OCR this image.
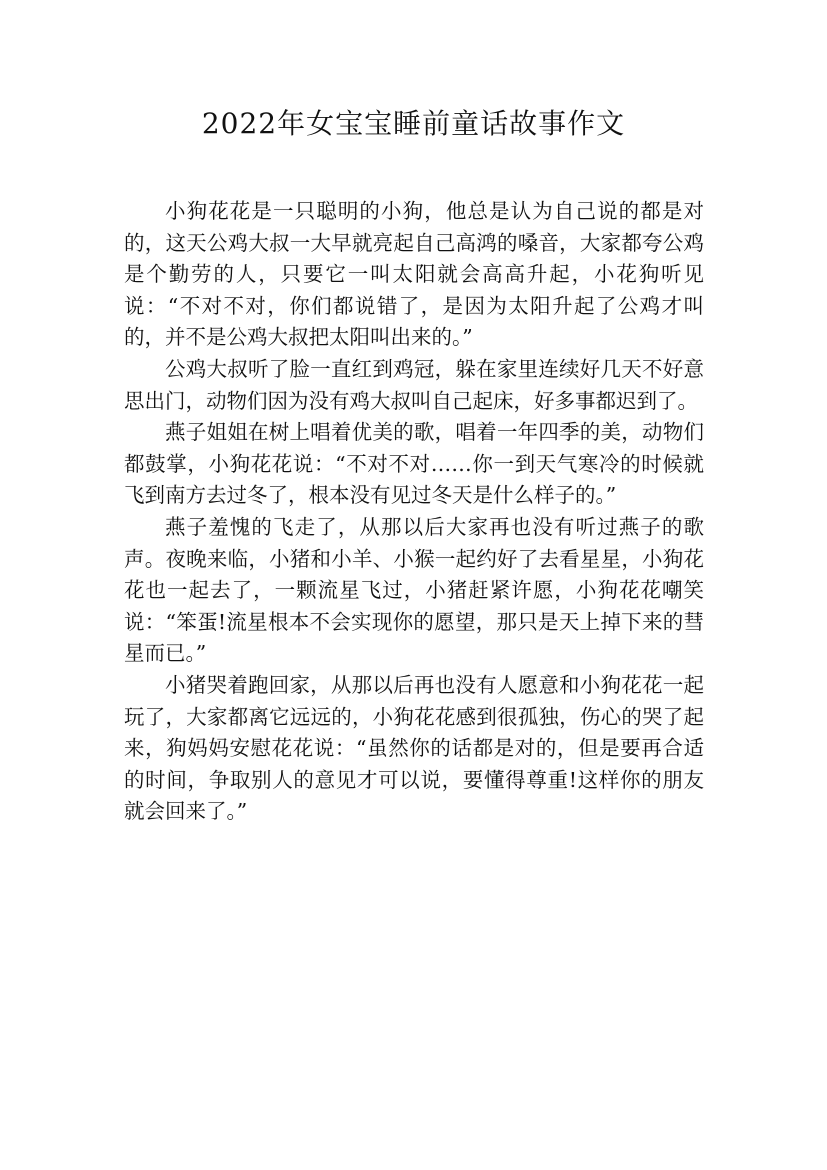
2022年女宝宝睡前童话故事作文

小狗花花是一只聪明的小狗，他总是认为自己说的都是对的，这天公鸡大叔一大早就亮起自己高鸿的嗓音，大家都夸公鸡是个勤劳的人，只要它一叫太阳就会高高升起，小花狗听见说：“不对不对，你们都说错了，是因为太阳升起了公鸡才叫的，并不是公鸡大叔把太阳叫出来的。”

公鸡大叔听了脸一直红到鸡冠，躲在家里连续好几天不好意思出门，动物们因为没有鸡大叔叫自己起床，好多事都迟到了。

燕子姐姐在树上唱着优美的歌，唱着一年四季的美，动物们都鼓掌，小狗花花说：“不对不对……你一到天气寒冷的时候就飞到南方去过冬了，根本没有见过冬天是什么样子的。”

燕子羞愧的飞走了，从那以后大家再也没有听过燕子的歌声。夜晚来临，小猪和小羊、小猴一起约好了去看星星，小狗花花也一起去了，一颗流星飞过，小猪赶紧许愿，小狗花花嘲笑说：“笨蛋!流星根本不会实现你的愿望，那只是天上掉下来的彗星而已。”

小猪哭着跑回家，从那以后再也没有人愿意和小狗花花一起玩了，大家都离它远远的，小狗花花感到很孤独，伤心的哭了起来，狗妈妈安慰花花说：“虽然你的话都是对的，但是要再合适的时间，争取别人的意见才可以说，要懂得尊重!这样你的朋友就会回来了。”
